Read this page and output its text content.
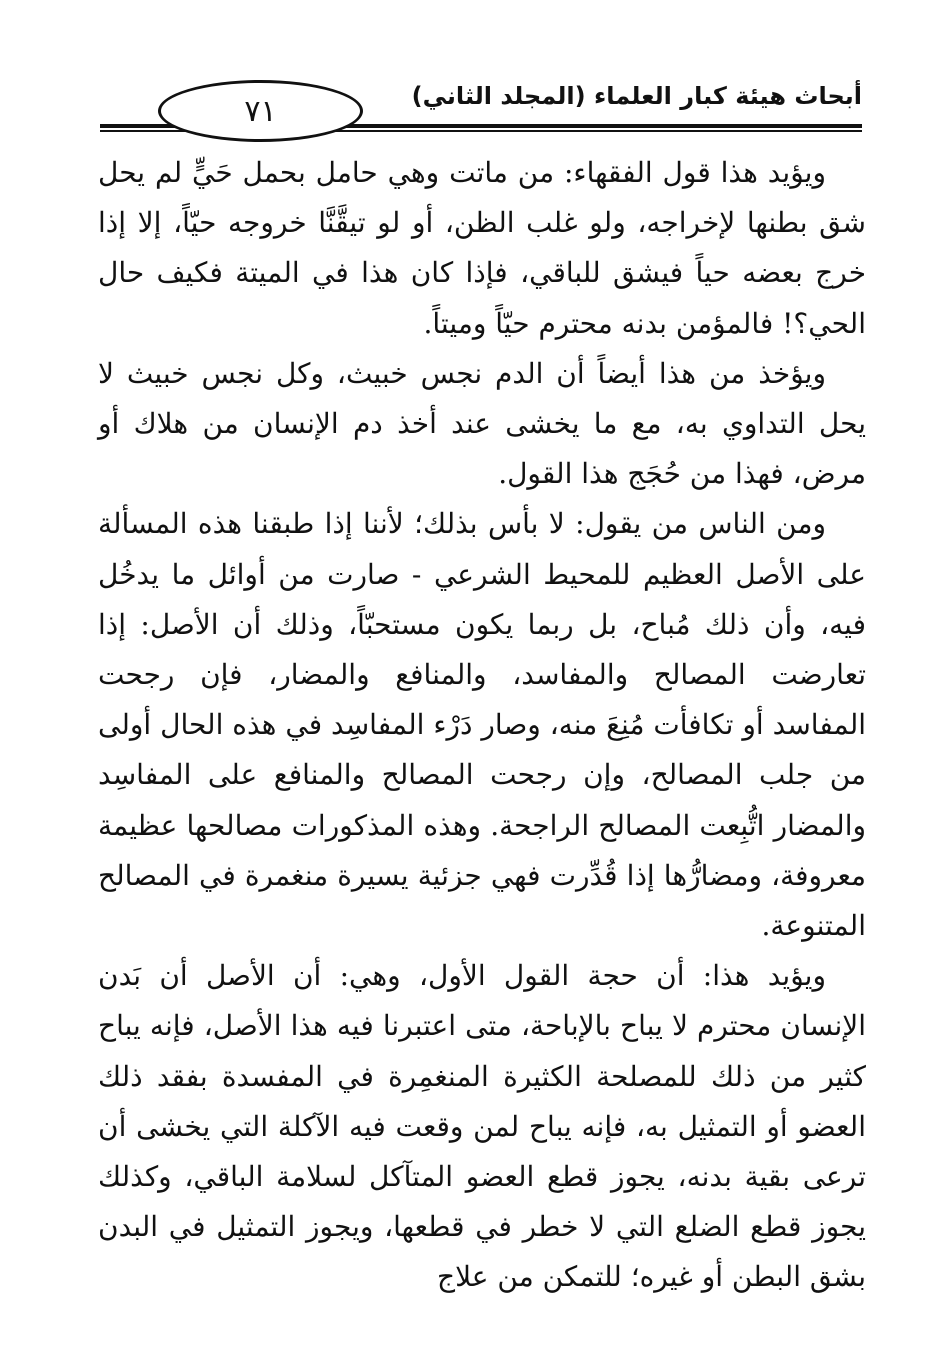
٧١	أبحاث هيئة كبار العلماء (المجلد الثاني)

ويؤيد هذا قول الفقهاء: من ماتت وهي حامل بحمل حَيٍّ لم يحل شق بطنها لإخراجه، ولو غلب الظن، أو لو تيقَّنَّا خروجه حيّاً، إلا إذا خرج بعضه حياً فيشق للباقي، فإذا كان هذا في الميتة فكيف حال الحي؟! فالمؤمن بدنه محترم حيّاً وميتاً.

ويؤخذ من هذا أيضاً أن الدم نجس خبيث، وكل نجس خبيث لا يحل التداوي به، مع ما يخشى عند أخذ دم الإنسان من هلاك أو مرض، فهذا من حُجَج هذا القول.

ومن الناس من يقول: لا بأس بذلك؛ لأننا إذا طبقنا هذه المسألة على الأصل العظيم للمحيط الشرعي - صارت من أوائل ما يدخُل فيه، وأن ذلك مُباح، بل ربما يكون مستحبّاً، وذلك أن الأصل: إذا تعارضت المصالح والمفاسد، والمنافع والمضار، فإن رجحت المفاسد أو تكافأت مُنِعَ منه، وصار دَرْء المفاسِد في هذه الحال أولى من جلب المصالح، وإن رجحت المصالح والمنافع على المفاسِد والمضار اتُّبِعت المصالح الراجحة. وهذه المذكورات مصالحها عظيمة معروفة، ومضارُّها إذا قُدِّرت فهي جزئية يسيرة منغمرة في المصالح المتنوعة.

ويؤيد هذا: أن حجة القول الأول، وهي: أن الأصل أن بَدن الإنسان محترم لا يباح بالإباحة، متى اعتبرنا فيه هذا الأصل، فإنه يباح كثير من ذلك للمصلحة الكثيرة المنغمِرة في المفسدة بفقد ذلك العضو أو التمثيل به، فإنه يباح لمن وقعت فيه الآكلة التي يخشى أن ترعى بقية بدنه، يجوز قطع العضو المتآكل لسلامة الباقي، وكذلك يجوز قطع الضلع التي لا خطر في قطعها، ويجوز التمثيل في البدن بشق البطن أو غيره؛ للتمكن من علاج
